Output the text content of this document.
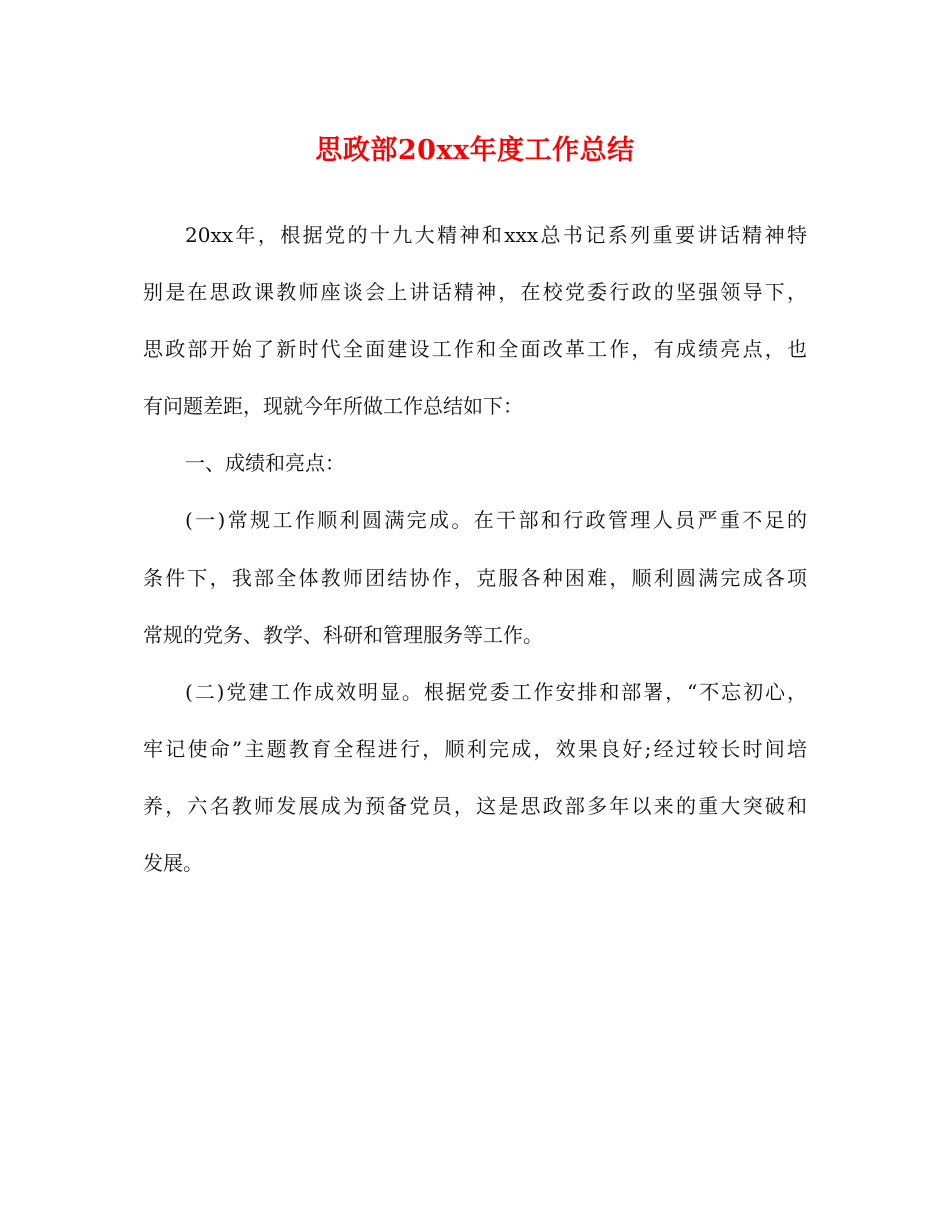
思政部20xx年度工作总结
20xx年，根据党的十九大精神和xxx总书记系列重要讲话精神特
别是在思政课教师座谈会上讲话精神，在校党委行政的坚强领导下，
思政部开始了新时代全面建设工作和全面改革工作，有成绩亮点，也
有问题差距，现就今年所做工作总结如下：
一、成绩和亮点：
(一)常规工作顺利圆满完成。在干部和行政管理人员严重不足的
条件下，我部全体教师团结协作，克服各种困难，顺利圆满完成各项
常规的党务、教学、科研和管理服务等工作。
(二)党建工作成效明显。根据党委工作安排和部署，“不忘初心，
牢记使命”主题教育全程进行，顺利完成，效果良好;经过较长时间培
养，六名教师发展成为预备党员，这是思政部多年以来的重大突破和
发展。
